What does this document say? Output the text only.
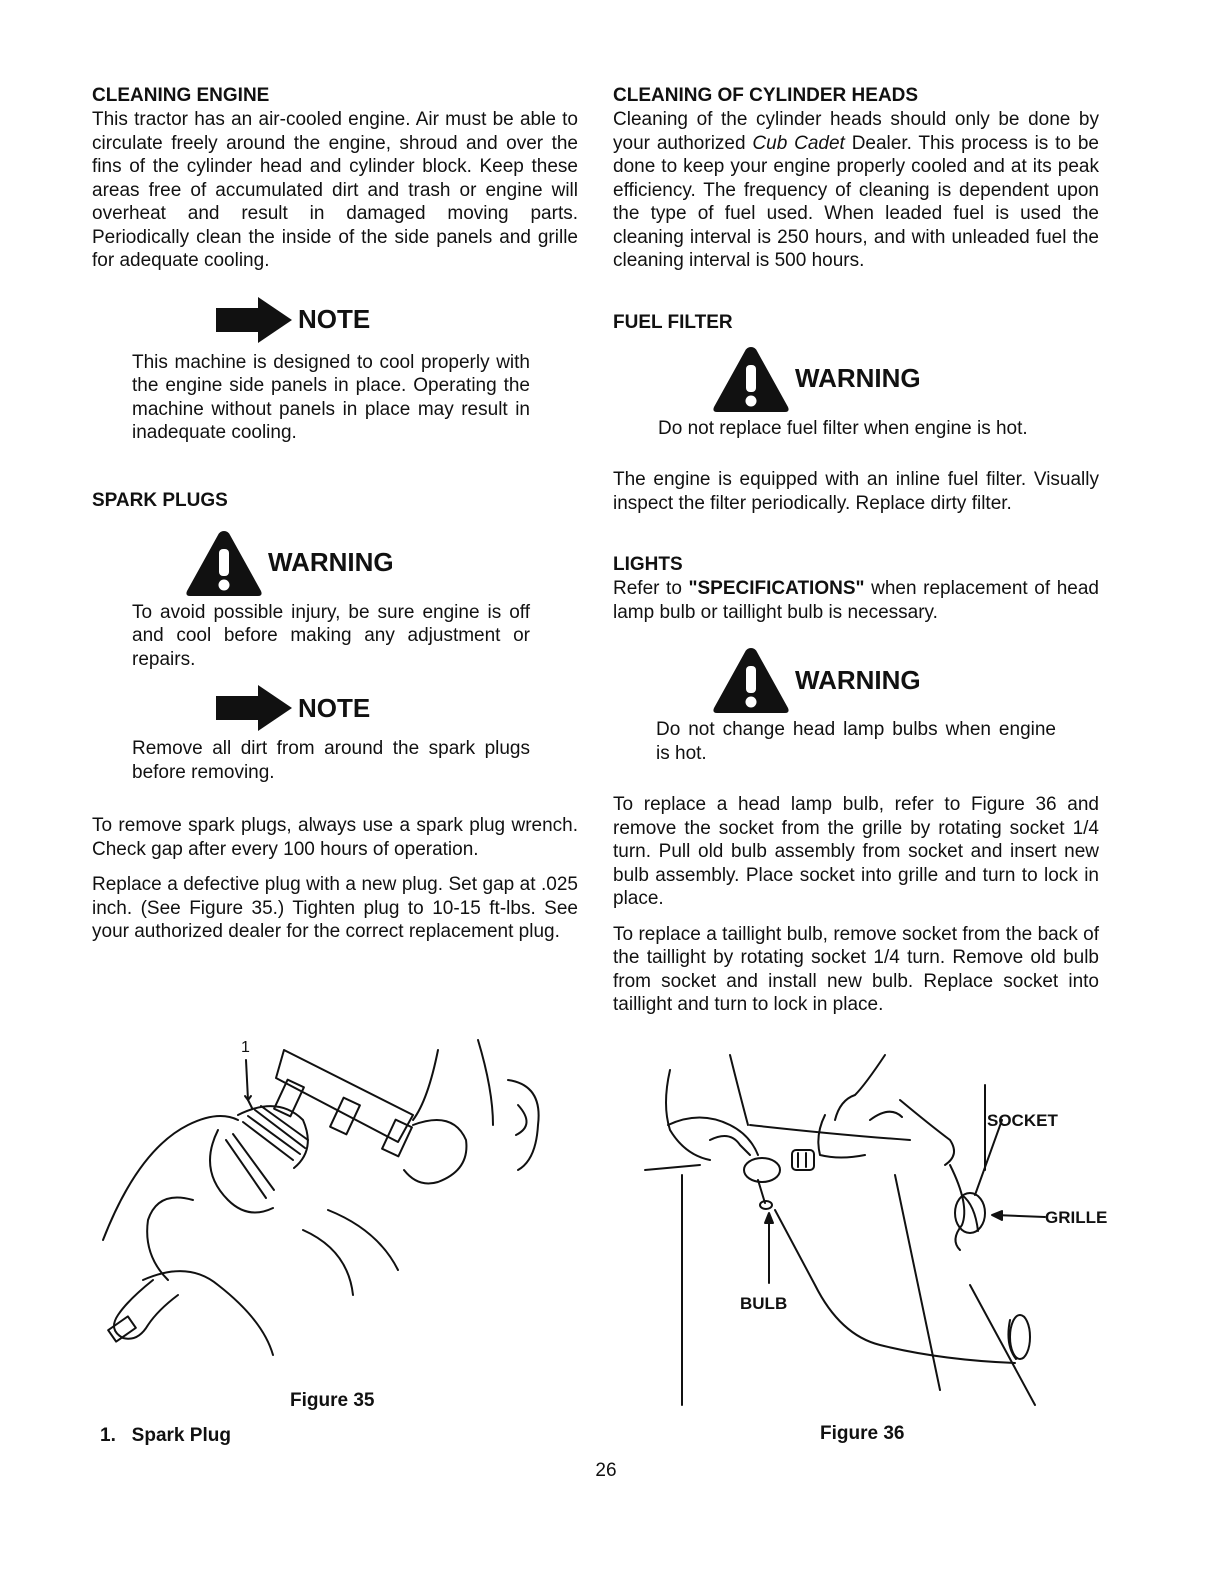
CLEANING ENGINE

This tractor has an air-cooled engine. Air must be able to circulate freely around the engine, shroud and over the fins of the cylinder head and cylinder block. Keep these areas free of accumulated dirt and trash or engine will overheat and result in damaged moving parts. Periodically clean the inside of the side panels and grille for adequate cooling.

NOTE

This machine is designed to cool properly with the engine side panels in place. Operating the machine without panels in place may result in inadequate cooling.

SPARK PLUGS

WARNING

To avoid possible injury, be sure engine is off and cool before making any adjustment or repairs.

NOTE

Remove all dirt from around the spark plugs before removing.

To remove spark plugs, always use a spark plug wrench. Check gap after every 100 hours of operation.

Replace a defective plug with a new plug. Set gap at .025 inch. (See Figure 35.) Tighten plug to 10-15 ft-lbs. See your authorized dealer for the correct replacement plug.

1
Figure 35
1.   Spark Plug

CLEANING OF CYLINDER HEADS

Cleaning of the cylinder heads should only be done by your authorized Cub Cadet Dealer. This process is to be done to keep your engine properly cooled and at its peak efficiency. The frequency of cleaning is dependent upon the type of fuel used. When leaded fuel is used the cleaning interval is 250 hours, and with unleaded fuel the cleaning interval is 500 hours.

FUEL FILTER

WARNING

Do not replace fuel filter when engine is hot.

The engine is equipped with an inline fuel filter. Visually inspect the filter periodically. Replace dirty filter.

LIGHTS

Refer to "SPECIFICATIONS" when replacement of head lamp bulb or taillight bulb is necessary.

WARNING

Do not change head lamp bulbs when engine is hot.

To replace a head lamp bulb, refer to Figure 36 and remove the socket from the grille by rotating socket 1/4 turn. Pull old bulb assembly from socket and insert new bulb assembly. Place socket into grille and turn to lock in place.

To replace a taillight bulb, remove socket from the back of the taillight by rotating socket 1/4 turn. Remove old bulb from socket and install new bulb. Replace socket into taillight and turn to lock in place.

SOCKET
GRILLE
BULB
Figure 36
26
